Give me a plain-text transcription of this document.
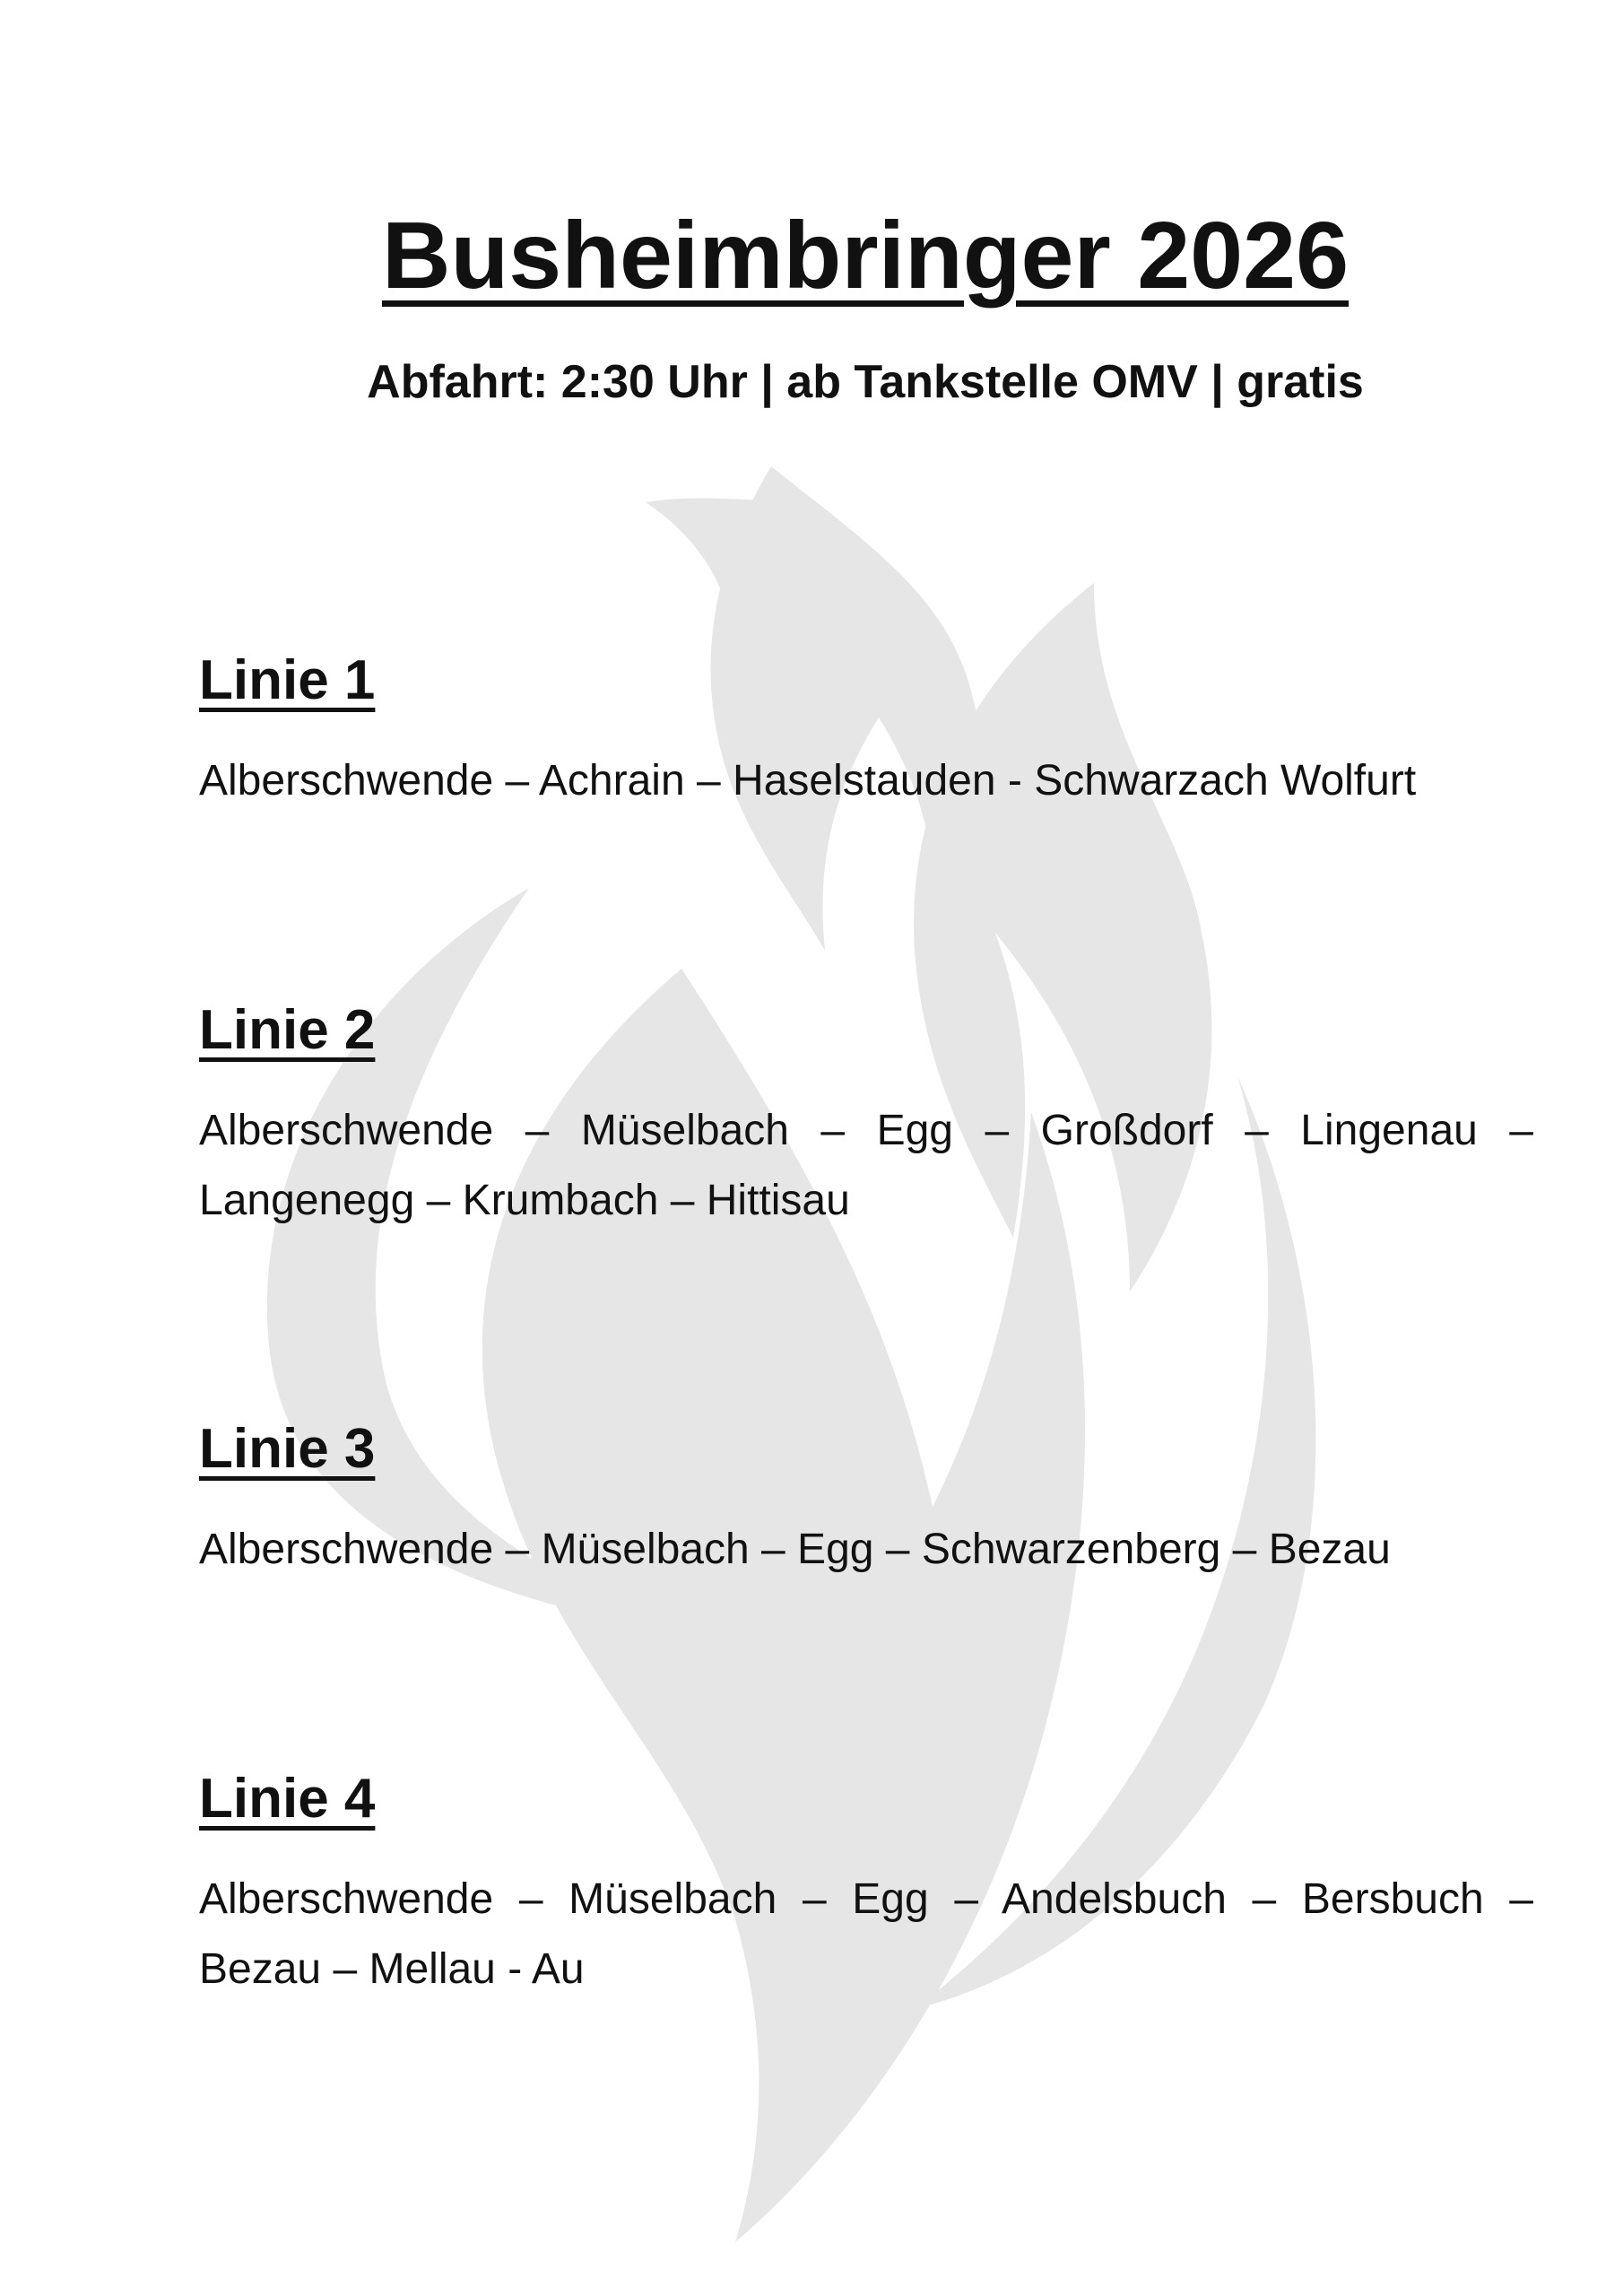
Busheimbringer 2026
Abfahrt: 2:30 Uhr | ab Tankstelle OMV | gratis
Linie 1
Alberschwende – Achrain – Haselstauden - Schwarzach Wolfurt
Linie 2
Alberschwende – Müselbach – Egg – Großdorf – Lingenau – Langenegg – Krumbach – Hittisau
Linie 3
Alberschwende – Müselbach – Egg – Schwarzenberg – Bezau
Linie 4
Alberschwende – Müselbach – Egg – Andelsbuch – Bersbuch – Bezau – Mellau - Au
